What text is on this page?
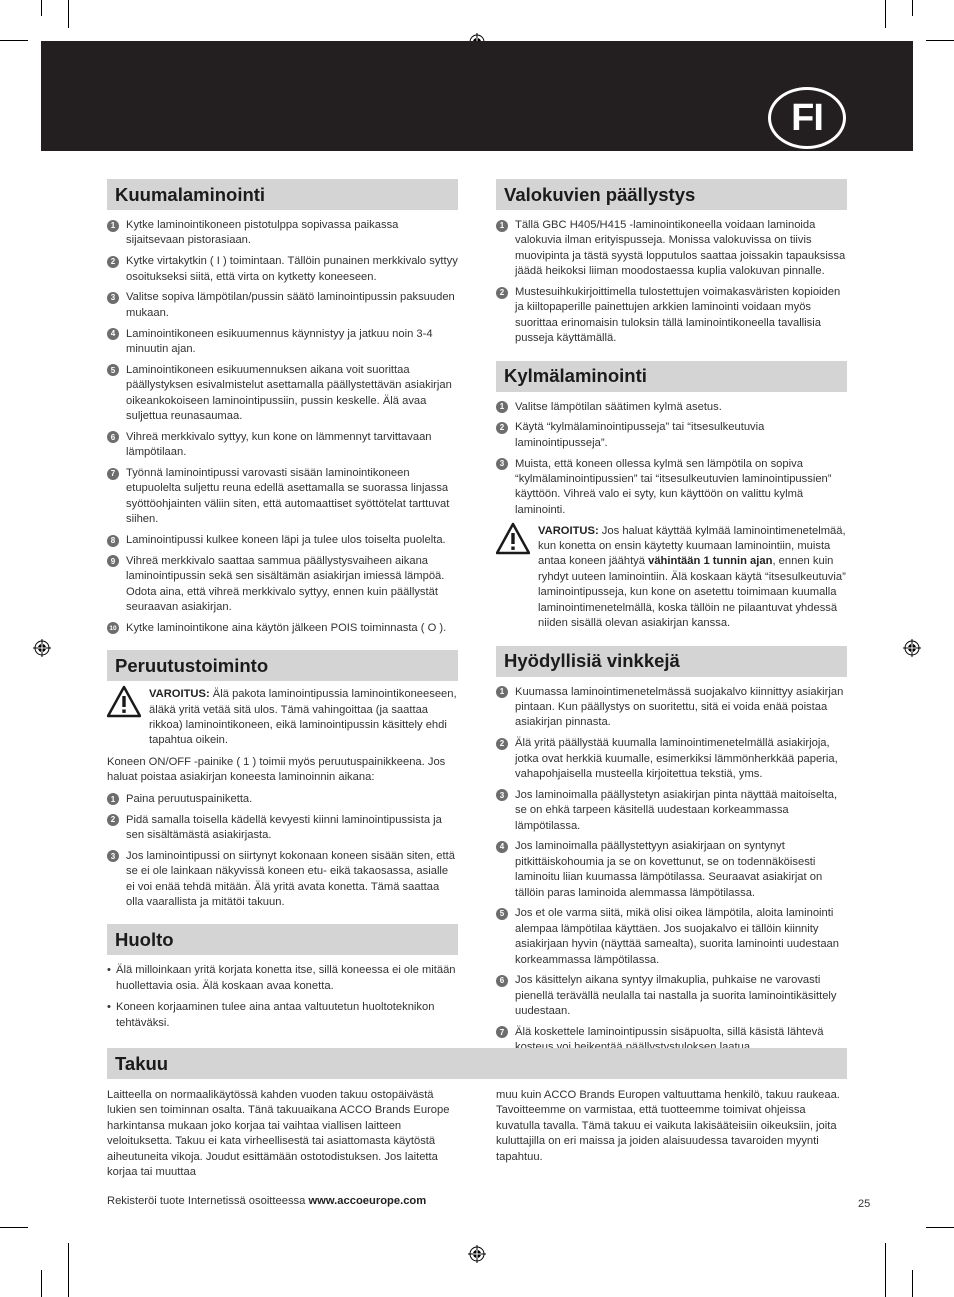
FI
Kuumalaminointi
1 Kytke laminointikoneen pistotulppa sopivassa paikassa sijaitsevaan pistorasiaan.
2 Kytke virtakytkin ( I ) toimintaan. Tällöin punainen merkkivalo syttyy osoitukseksi siitä, että virta on kytketty koneeseen.
3 Valitse sopiva lämpötilan/pussin säätö laminointipussin paksuuden mukaan.
4 Laminointikoneen esikuumennus käynnistyy ja jatkuu noin 3-4 minuutin ajan.
5 Laminointikoneen esikuumennuksen aikana voit suorittaa päällystyksen esivalmistelut asettamalla päällystettävän asiakirjan oikeankokoiseen laminointipussiin, pussin keskelle. Älä avaa suljettua reunasaumaa.
6 Vihreä merkkivalo syttyy, kun kone on lämmennyt tarvittavaan lämpötilaan.
7 Työnnä laminointipussi varovasti sisään laminointikoneen etupuolelta suljettu reuna edellä asettamalla se suorassa linjassa syöttöohjainten väliin siten, että automaattiset syöttötelat tarttuvat siihen.
8 Laminointipussi kulkee koneen läpi ja tulee ulos toiselta puolelta.
9 Vihreä merkkivalo saattaa sammua päällystysvaiheen aikana laminointipussin sekä sen sisältämän asiakirjan imiessä lämpöä. Odota aina, että vihreä merkkivalo syttyy, ennen kuin päällystät seuraavan asiakirjan.
10 Kytke laminointikone aina käytön jälkeen POIS toiminnasta ( O ).
Peruutustoiminto
VAROITUS: Älä pakota laminointipussia laminointikoneeseen, äläkä yritä vetää sitä ulos. Tämä vahingoittaa (ja saattaa rikkoa) laminointikoneen, eikä laminointipussin käsittely ehdi tapahtua oikein.
Koneen ON/OFF -painike ( 1 ) toimii myös peruutuspainikkeena. Jos haluat poistaa asiakirjan koneesta laminoinnin aikana:
1 Paina peruutuspainiketta.
2 Pidä samalla toisella kädellä kevyesti kiinni laminointipussista ja sen sisältämästä asiakirjasta.
3 Jos laminointipussi on siirtynyt kokonaan koneen sisään siten, että se ei ole lainkaan näkyvissä koneen etu- eikä takaosassa, asialle ei voi enää tehdä mitään. Älä yritä avata konetta. Tämä saattaa olla vaarallista ja mitätöi takuun.
Huolto
• Älä milloinkaan yritä korjata konetta itse, sillä koneessa ei ole mitään huollettavia osia. Älä koskaan avaa konetta.
• Koneen korjaaminen tulee aina antaa valtuutetun huoltoteknikon tehtäväksi.
Valokuvien päällystys
1 Tällä GBC H405/H415 -laminointikoneella voidaan laminoida valokuvia ilman erityispusseja. Monissa valokuvissa on tiivis muovipinta ja tästä syystä lopputulos saattaa joissakin tapauksissa jäädä heikoksi liiman moodostaessa kuplia valokuvan pinnalle.
2 Mustesuihkukirjoittimella tulostettujen voimakasväristen kopioiden ja kiiltopaperille painettujen arkkien laminointi voidaan myös suorittaa erinomaisin tuloksin tällä laminointikoneella tavallisia pusseja käyttämällä.
Kylmälaminointi
1 Valitse lämpötilan säätimen kylmä asetus.
2 Käytä “kylmälaminointipusseja” tai “itsesulkeutuvia laminointipusseja”.
3 Muista, että koneen ollessa kylmä sen lämpötila on sopiva “kylmälaminointipussien” tai “itsesulkeutuvien laminointipussien” käyttöön. Vihreä valo ei syty, kun käyttöön on valittu kylmä laminointi.
VAROITUS: Jos haluat käyttää kylmää laminointimenetelmää, kun konetta on ensin käytetty kuumaan laminointiin, muista antaa koneen jäähtyä vähintään 1 tunnin ajan, ennen kuin ryhdyt uuteen laminointiin. Älä koskaan käytä “itsesulkeutuvia” laminointipusseja, kun kone on asetettu toimimaan kuumalla laminointimenetelmällä, koska tällöin ne pilaantuvat yhdessä niiden sisällä olevan asiakirjan kanssa.
Hyödyllisiä vinkkejä
1 Kuumassa laminointimenetelmässä suojakalvo kiinnittyy asiakirjan pintaan. Kun päällystys on suoritettu, sitä ei voida enää poistaa asiakirjan pinnasta.
2 Älä yritä päällystää kuumalla laminointimenetelmällä asiakirjoja, jotka ovat herkkiä kuumalle, esimerkiksi lämmönherkkää paperia, vahapohjaisella musteella kirjoitettua tekstiä, yms.
3 Jos laminoimalla päällystetyn asiakirjan pinta näyttää maitoiselta, se on ehkä tarpeen käsitellä uudestaan korkeammassa lämpötilassa.
4 Jos laminoimalla päällystettyyn asiakirjaan on syntynyt pitkittäiskohoumia ja se on kovettunut, se on todennäköisesti laminoitu liian kuumassa lämpötilassa. Seuraavat asiakirjat on tällöin paras laminoida alemmassa lämpötilassa.
5 Jos et ole varma siitä, mikä olisi oikea lämpötila, aloita laminointi alempaa lämpötilaa käyttäen. Jos suojakalvo ei tällöin kiinnity asiakirjaan hyvin (näyttää samealta), suorita laminointi uudestaan korkeammassa lämpötilassa.
6 Jos käsittelyn aikana syntyy ilmakuplia, puhkaise ne varovasti pienellä terävällä neulalla tai nastalla ja suorita laminointikäsittely uudestaan.
7 Älä koskettele laminointipussin sisäpuolta, sillä käsistä lähtevä
Takuu
Laitteella on normaalikäytössä kahden vuoden takuu ostopäivästä lukien sen toiminnan osalta. Tänä takuuaikana ACCO Brands Europe harkintansa mukaan joko korjaa tai vaihtaa viallisen laitteen veloituksetta. Takuu ei kata virheellisestä tai asiattomasta käytöstä aiheutuneita vikoja. Joudut esittämään ostotodistuksen. Jos laitetta korjaa tai muuttaa
Rekisteröi tuote Internetissä osoitteessa www.accoeurope.com
muu kuin ACCO Brands Europen valtuuttama henkilö, takuu raukeaa. Tavoitteemme on varmistaa, että tuotteemme toimivat ohjeissa kuvatulla tavalla. Tämä takuu ei vaikuta lakisääteisiin oikeuksiin, joita kuluttajilla on eri maissa ja joiden alaisuudessa tavaroiden myynti tapahtuu.
25
